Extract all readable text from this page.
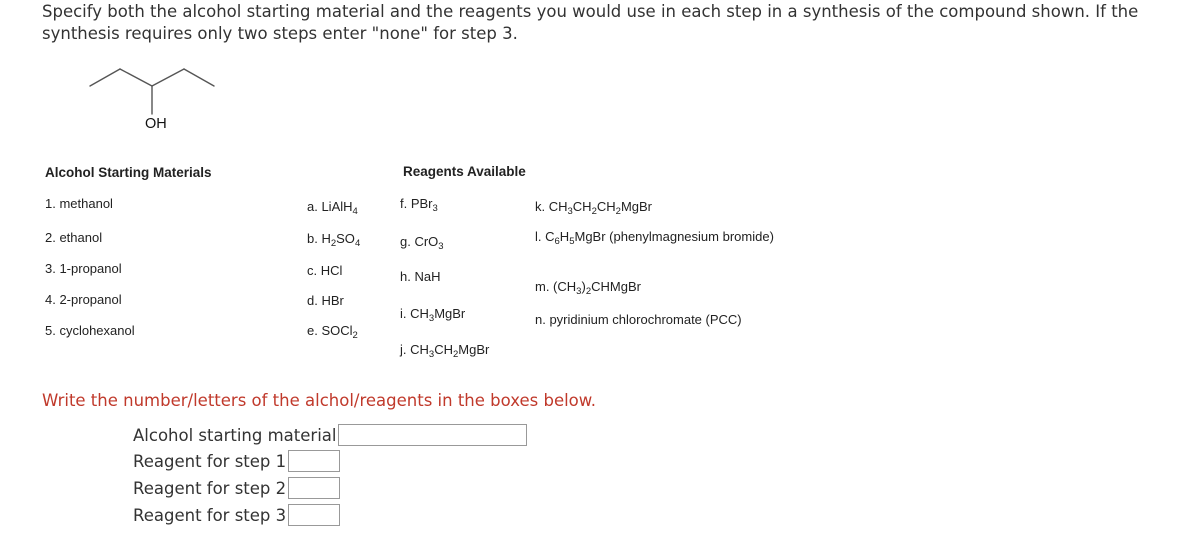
Specify both the alcohol starting material and the reagents you would use in each step in a synthesis of the compound shown. If the synthesis requires only two steps enter "none" for step 3.

OH
Alcohol Starting Materials	Reagents Available
1. methanol
2. ethanol
3. 1-propanol
4. 2-propanol
5. cyclohexanol
a. LiAlH$_4$
b. $H_2SO_4$
c. HCl
d. HBr
e. SOCl$_2$
f. PBr$_3$
g. CrO$_3$
h. NaH
i. $CH_3MgBr$
j. $CH_3CH_2MgBr$
k. $CH_3CH_2CH_2MgBr$
l. $C_6H_5MgBr$ (phenylmagnesium bromide)
m. $(CH_3)_2CHMgBr$
n. pyridinium chlorochromate (PCC)
Write the number/letters of the alchol/reagents in the boxes below.
Alcohol starting material
Reagent for step 1
Reagent for step 2
Reagent for step 3
